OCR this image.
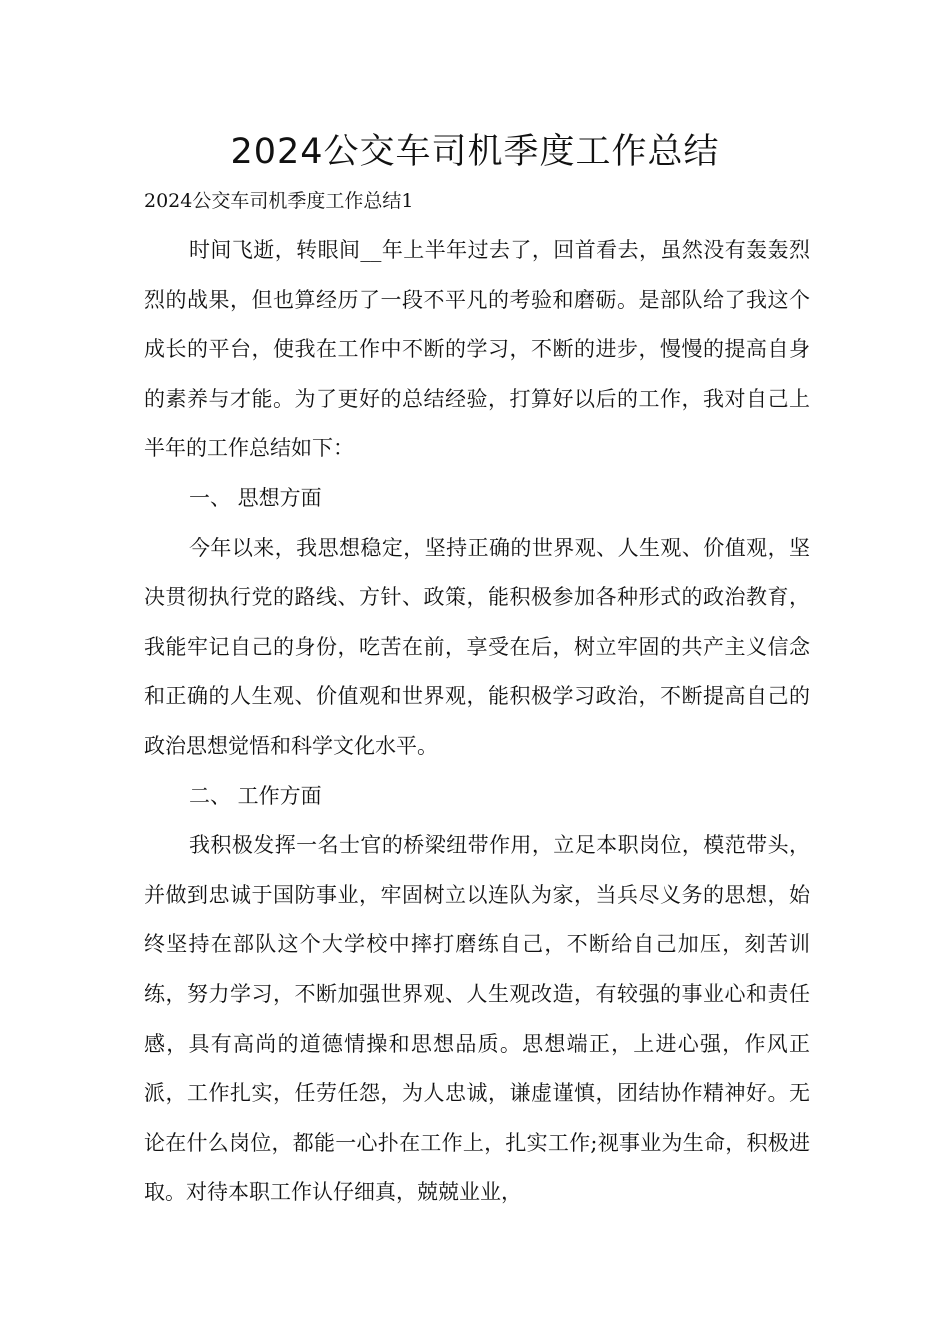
2024公交车司机季度工作总结

2024公交车司机季度工作总结1

时间飞逝，转眼间__年上半年过去了，回首看去，虽然没有轰轰烈烈的战果，但也算经历了一段不平凡的考验和磨砺。是部队给了我这个成长的平台，使我在工作中不断的学习，不断的进步，慢慢的提高自身的素养与才能。为了更好的总结经验，打算好以后的工作，我对自己上半年的工作总结如下：

一、 思想方面

今年以来，我思想稳定，坚持正确的世界观、人生观、价值观，坚决贯彻执行党的路线、方针、政策，能积极参加各种形式的政治教育，我能牢记自己的身份，吃苦在前，享受在后，树立牢固的共产主义信念和正确的人生观、价值观和世界观，能积极学习政治，不断提高自己的政治思想觉悟和科学文化水平。

二、 工作方面

我积极发挥一名士官的桥梁纽带作用，立足本职岗位，模范带头，并做到忠诚于国防事业，牢固树立以连队为家，当兵尽义务的思想，始终坚持在部队这个大学校中摔打磨练自己，不断给自己加压，刻苦训练，努力学习，不断加强世界观、人生观改造，有较强的事业心和责任感，具有高尚的道德情操和思想品质。思想端正，上进心强，作风正派，工作扎实，任劳任怨，为人忠诚，谦虚谨慎，团结协作精神好。无论在什么岗位，都能一心扑在工作上，扎实工作;视事业为生命，积极进取。对待本职工作认仔细真，兢兢业业，
